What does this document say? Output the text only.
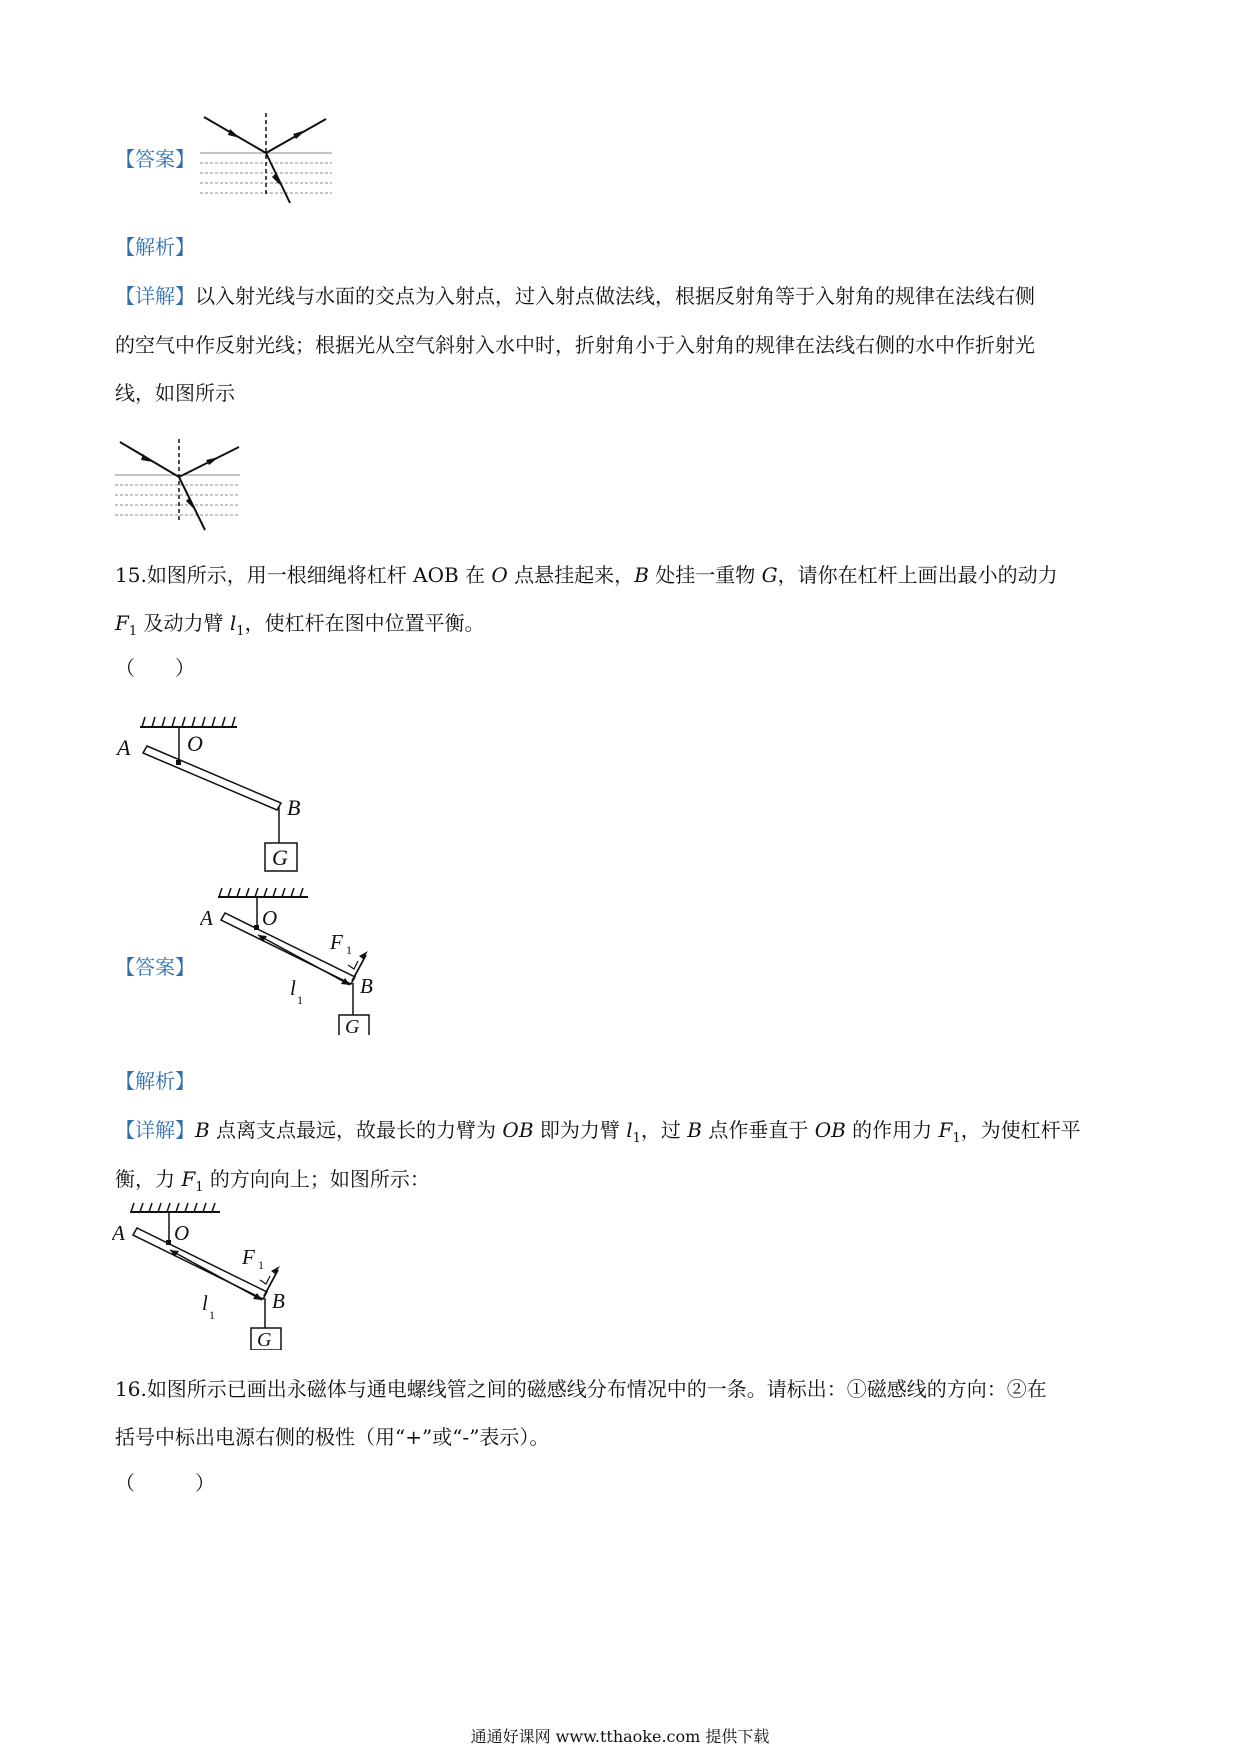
【答案】
【解析】
【详解】以入射光线与水面的交点为入射点，过入射点做法线，根据反射角等于入射角的规律在法线右侧
的空气中作反射光线；根据光从空气斜射入水中时，折射角小于入射角的规律在法线右侧的水中作折射光
线，如图所示
15.如图所示，用一根细绳将杠杆 AOB 在 O 点悬挂起来，B 处挂一重物 G，请你在杠杆上画出最小的动力
$F_1$ 及动力臂 $l_1$，使杠杆在图中位置平衡。
（　　）
A	O
B
G
【答案】
A O
F 1
B
l 1
G
【解析】
【详解】B 点离支点最远，故最长的力臂为 OB 即为力臂 $l_1$，过 B 点作垂直于 OB 的作用力 $F_1$，为使杠杆平
衡，力 $F_1$ 的方向向上；如图所示：
A O
F 1
B
l 1
G
16.如图所示已画出永磁体与通电螺线管之间的磁感线分布情况中的一条。请标出：①磁感线的方向：②在
括号中标出电源右侧的极性（用“+”或“-”表示）。
（　　　）
通通好课网 www.tthaoke.com 提供下载
